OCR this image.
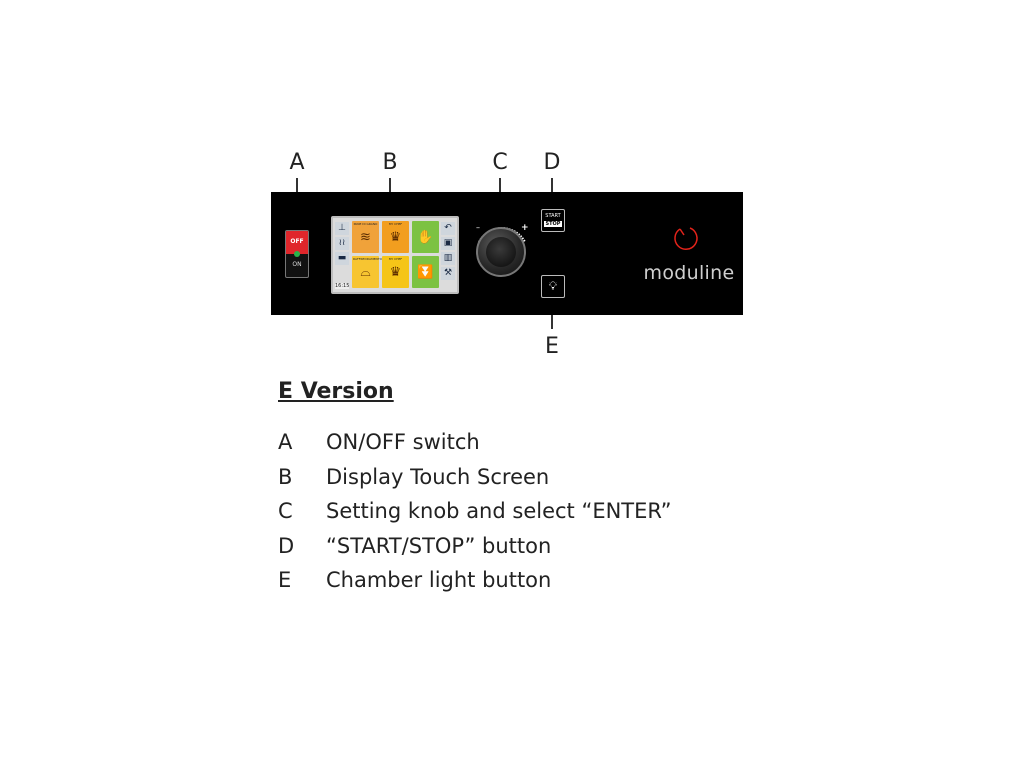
A	B	C D
E
OFF
ON
⊥
≀≀
▬
PANE DI GRANO
≋
MY CHEF
♛	✋
RAFFREDDAMENTO
⌓
MY CHEF
♛	⏬
16:15
↶
▣
▥
⚒
–	+
START
STOP
💡︎
moduline
E Version
A	ON/OFF switch
B	Display Touch Screen
C	Setting knob and select “ENTER”
D	“START/STOP” button
E	Chamber light button
